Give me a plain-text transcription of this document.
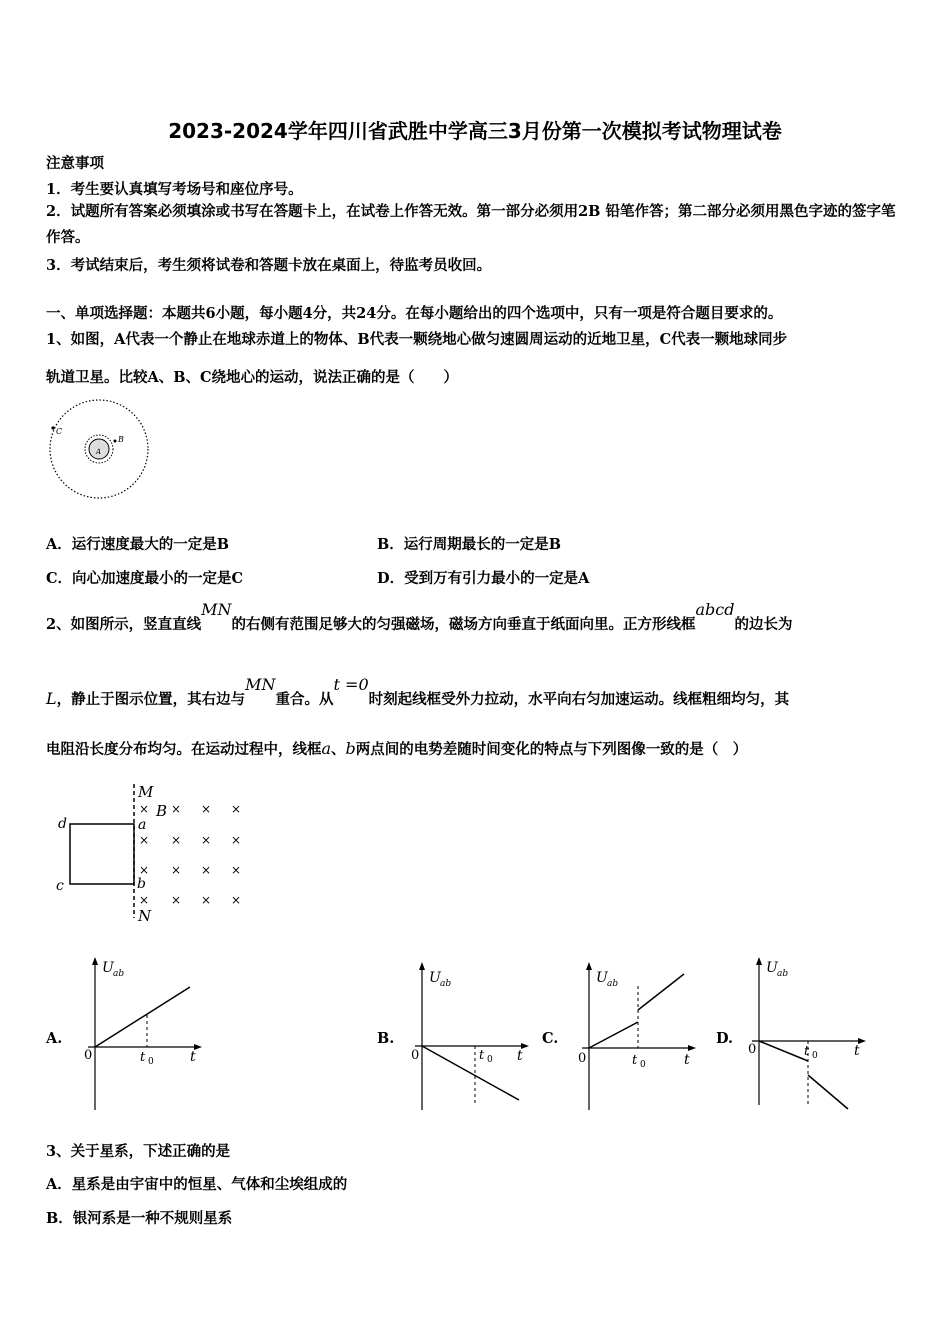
2023-2024学年四川省武胜中学高三3月份第一次模拟考试物理试卷
注意事项
1．考生要认真填写考场号和座位序号。
2．试题所有答案必须填涂或书写在答题卡上，在试卷上作答无效。第一部分必须用2B 铅笔作答；第二部分必须用黑色字迹的签字笔作答。
3．考试结束后，考生须将试卷和答题卡放在桌面上，待监考员收回。
一、单项选择题：本题共6小题，每小题4分，共24分。在每小题给出的四个选项中，只有一项是符合题目要求的。
1、如图，A代表一个静止在地球赤道上的物体、B代表一颗绕地心做匀速圆周运动的近地卫星，C代表一颗地球同步
轨道卫星。比较A、B、C绕地心的运动，说法正确的是（　　）
B
C
A
A．运行速度最大的一定是B	B．运行周期最长的一定是B
C．向心加速度最小的一定是C	D．受到万有引力最小的一定是A
2、如图所示，竖直直线MN的右侧有范围足够大的匀强磁场，磁场方向垂直于纸面向里。正方形线框abcd的边长为
L，静止于图示位置，其右边与MN重合。从t =0时刻起线框受外力拉动，水平向右匀加速运动。线框粗细均匀，其
电阻沿长度分布均匀。在运动过程中，线框a、b两点间的电势差随时间变化的特点与下列图像一致的是（　）
M
N
d
c
a
b
B
× × × ×
× × × ×
× × × ×
× × × ×
A.	B.	C.	D.
U ab
0	t 0	t
U ab
0	t 0 t
U ab
0	t 0	t
U ab
0	t 0	t
3、关于星系，下述正确的是
A．星系是由宇宙中的恒星、气体和尘埃组成的
B．银河系是一种不规则星系
